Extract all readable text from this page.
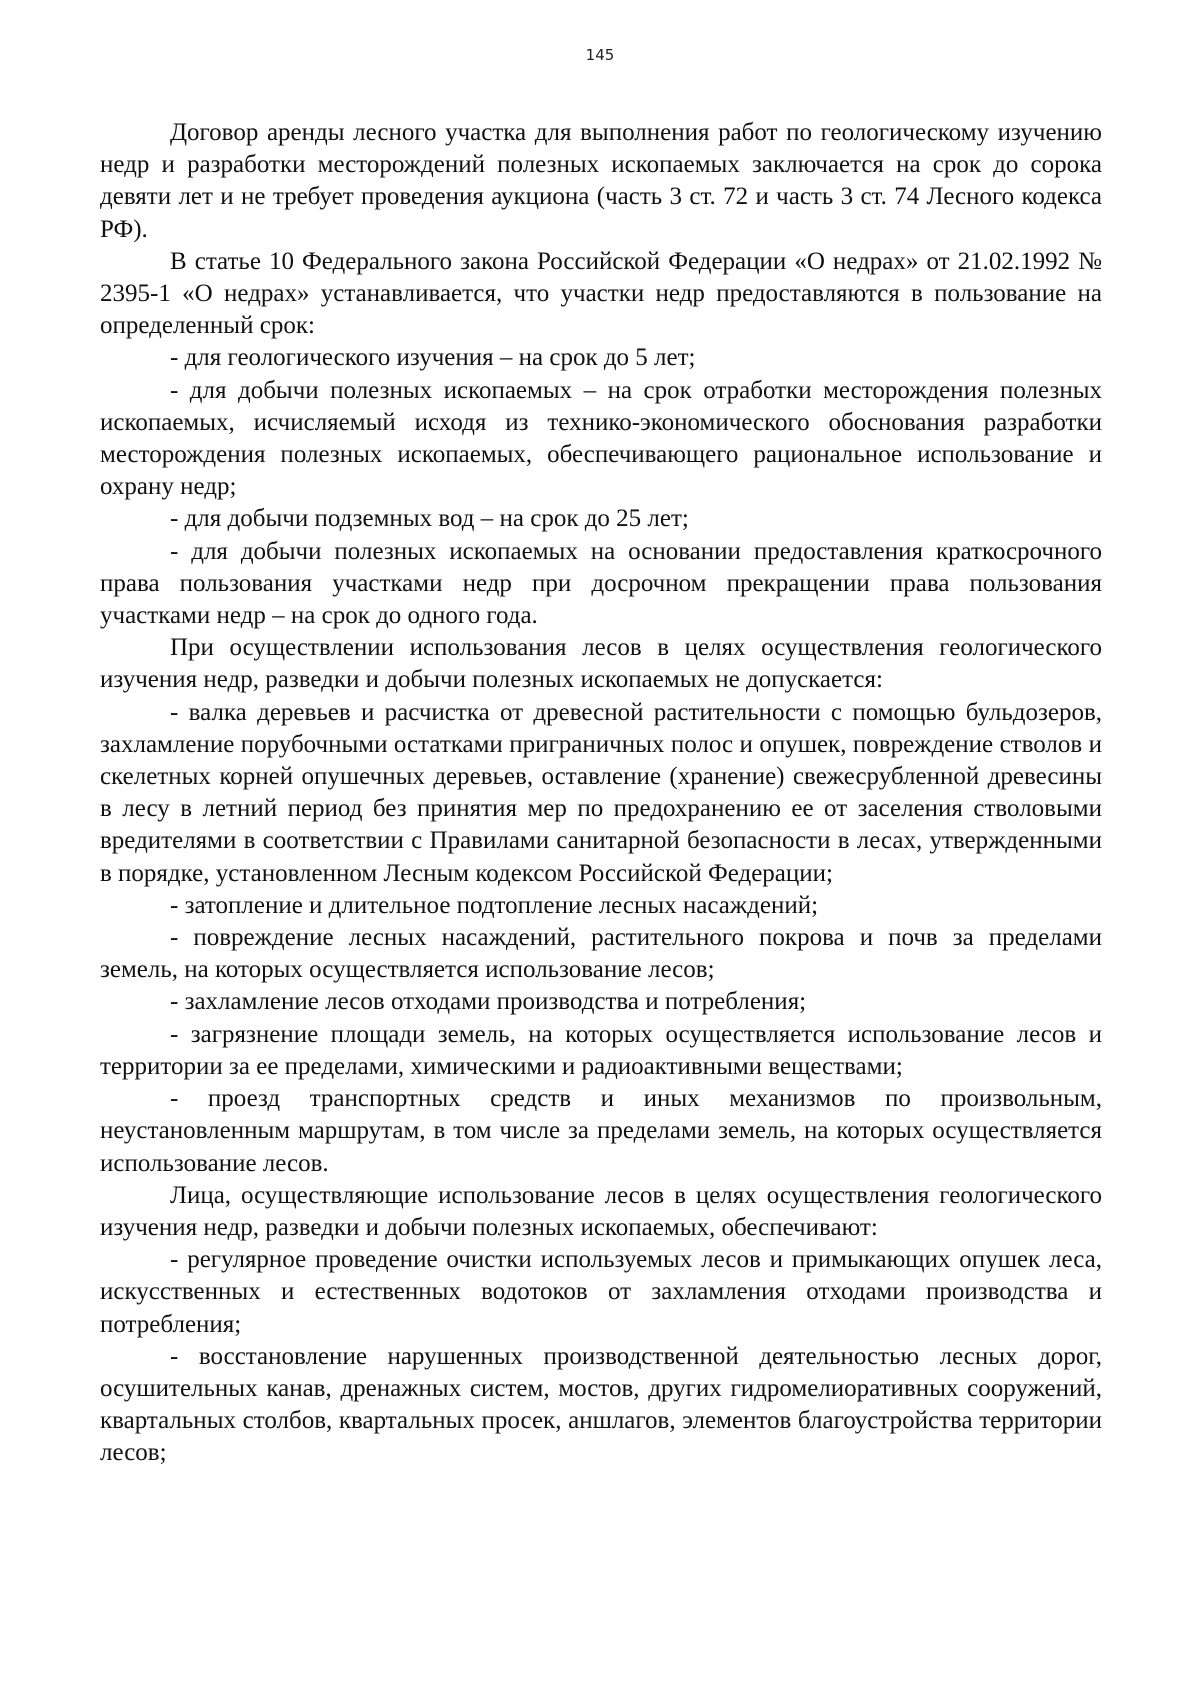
145

Договор аренды лесного участка для выполнения работ по геологическому изучению недр и разработки месторождений полезных ископаемых заключается на срок до сорока девяти лет и не требует проведения аукциона (часть 3 ст. 72 и часть 3 ст. 74 Лесного кодекса РФ).

В статье 10 Федерального закона Российской Федерации «О недрах» от 21.02.1992 № 2395-1 «О недрах» устанавливается, что участки недр предоставляются в пользование на определенный срок:

- для геологического изучения – на срок до 5 лет;

- для добычи полезных ископаемых – на срок отработки месторождения полезных ископаемых, исчисляемый исходя из технико-экономического обоснования разработки месторождения полезных ископаемых, обеспечивающего рациональное использование и охрану недр;

- для добычи подземных вод – на срок до 25 лет;

- для добычи полезных ископаемых на основании предоставления краткосрочного права пользования участками недр при досрочном прекращении права пользования участками недр – на срок до одного года.

При осуществлении использования лесов в целях осуществления геологического изучения недр, разведки и добычи полезных ископаемых не допускается:

- валка деревьев и расчистка от древесной растительности с помощью бульдозеров, захламление порубочными остатками приграничных полос и опушек, повреждение стволов и скелетных корней опушечных деревьев, оставление (хранение) свежесрубленной древесины в лесу в летний период без принятия мер по предохранению ее от заселения стволовыми вредителями в соответствии с Правилами санитарной безопасности в лесах, утвержденными в порядке, установленном Лесным кодексом Российской Федерации;

- затопление и длительное подтопление лесных насаждений;

- повреждение лесных насаждений, растительного покрова и почв за пределами земель, на которых осуществляется использование лесов;

- захламление лесов отходами производства и потребления;

- загрязнение площади земель, на которых осуществляется использование лесов и территории за ее пределами, химическими и радиоактивными веществами;

- проезд транспортных средств и иных механизмов по произвольным, неустановленным маршрутам, в том числе за пределами земель, на которых осуществляется использование лесов.

Лица, осуществляющие использование лесов в целях осуществления геологического изучения недр, разведки и добычи полезных ископаемых, обеспечивают:

- регулярное проведение очистки используемых лесов и примыкающих опушек леса, искусственных и естественных водотоков от захламления отходами производства и потребления;

- восстановление нарушенных производственной деятельностью лесных дорог, осушительных канав, дренажных систем, мостов, других гидромелиоративных сооружений, квартальных столбов, квартальных просек, аншлагов, элементов благоустройства территории лесов;
